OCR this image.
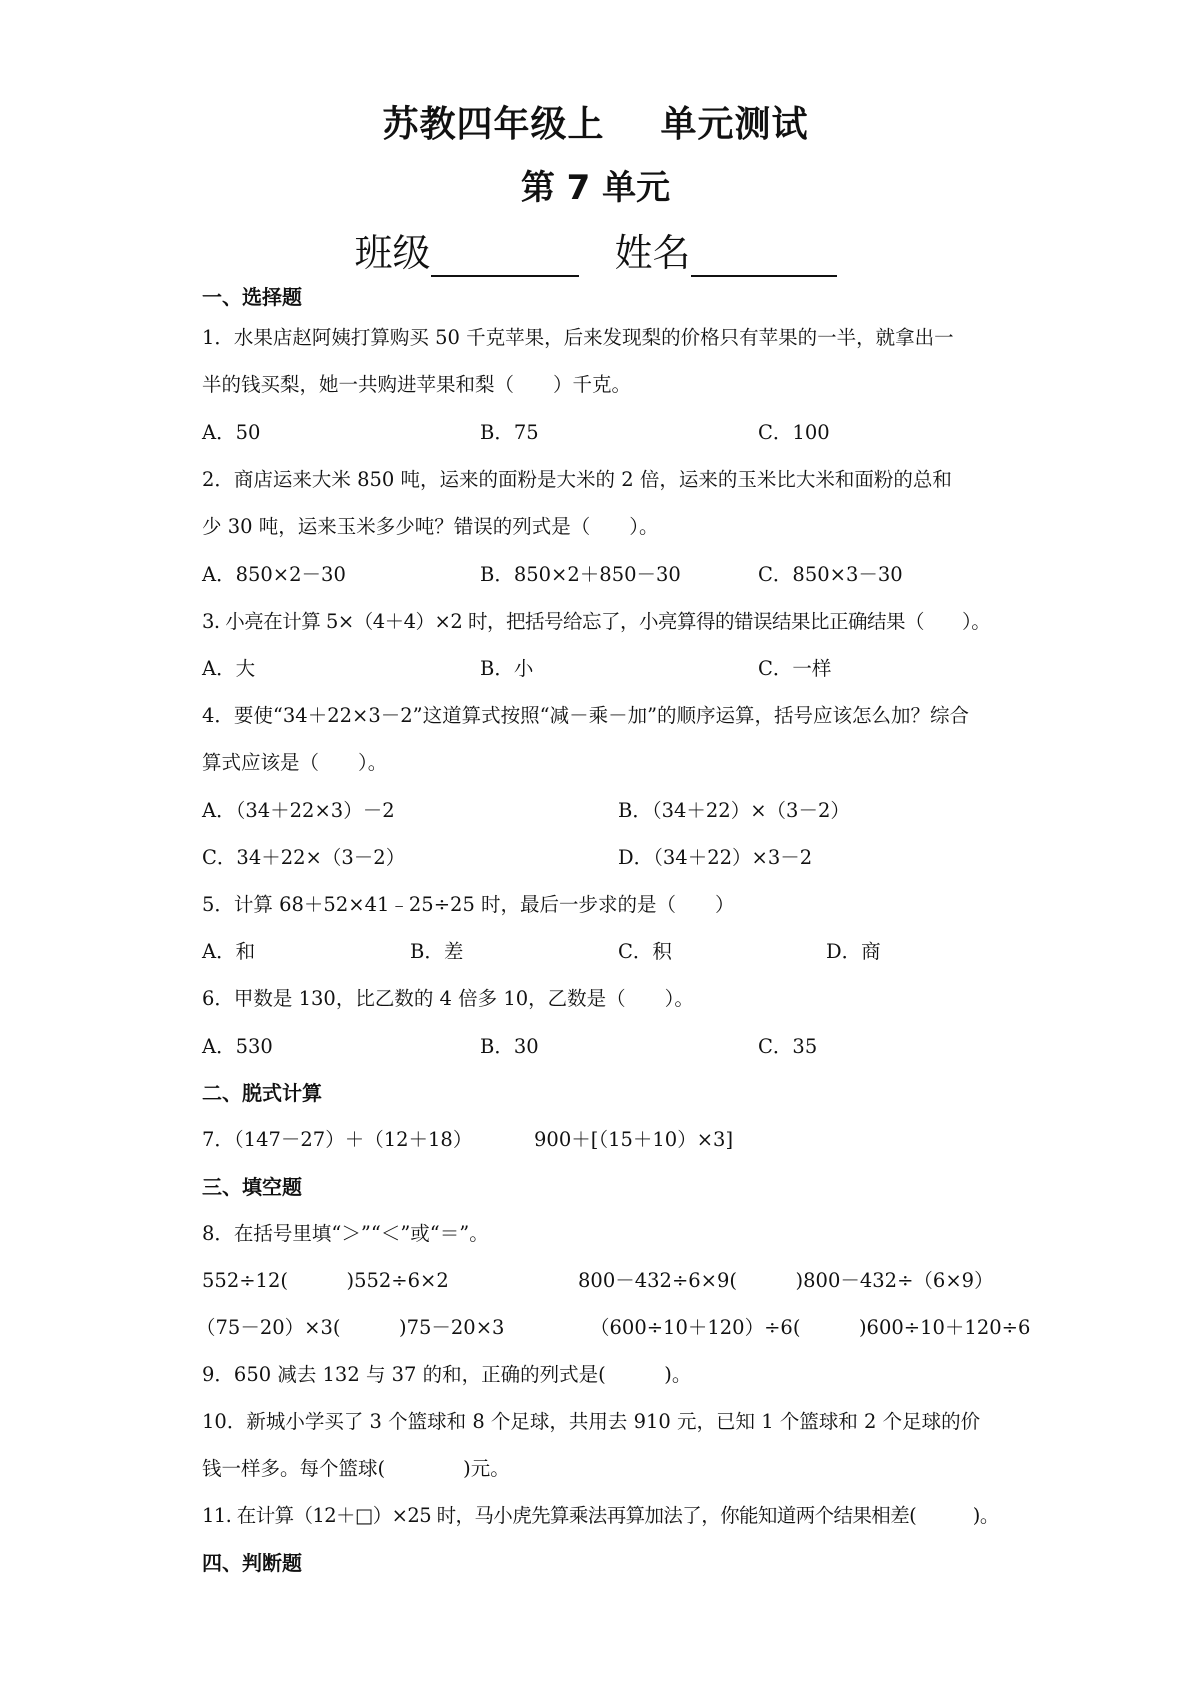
苏教四年级上 单元测试
第 7 单元
班级	姓名
一、选择题
1．水果店赵阿姨打算购买 50 千克苹果，后来发现梨的价格只有苹果的一半，就拿出一
半的钱买梨，她一共购进苹果和梨（　　）千克。
A．50	B．75	C．100
2．商店运来大米 850 吨，运来的面粉是大米的 2 倍，运来的玉米比大米和面粉的总和
少 30 吨，运来玉米多少吨？错误的列式是（　　）。
A．850×2－30	B．850×2＋850－30	C．850×3－30
3. 小亮在计算 5×（4＋4）×2 时，把括号给忘了，小亮算得的错误结果比正确结果（　　）。
A．大	B．小	C．一样
4．要使“34＋22×3－2”这道算式按照“减－乘－加”的顺序运算，括号应该怎么加？综合
算式应该是（　　）。
A．（34＋22×3）－2	B．（34＋22）×（3－2）
C．34＋22×（3－2）	D．（34＋22）×3－2
5．计算 68＋52×41﹣25÷25 时，最后一步求的是（　　）
A．和	B．差	C．积	D．商
6．甲数是 130，比乙数的 4 倍多 10，乙数是（　　）。
A．530	B．30	C．35
二、脱式计算
7．（147－27）＋（12＋18）	900＋[（15＋10）×3]
三、填空题
8．在括号里填“＞”“＜”或“＝”。
552÷12(　　　)552÷6×2	800－432÷6×9(　　　)800－432÷（6×9）
（75－20）×3(　　　)75－20×3	（600÷10＋120）÷6(　　　)600÷10＋120÷6
9．650 减去 132 与 37 的和，正确的列式是(　　　)。
10．新城小学买了 3 个篮球和 8 个足球，共用去 910 元，已知 1 个篮球和 2 个足球的价
钱一样多。每个篮球(　　　　)元。
11. 在计算（12＋□）×25 时，马小虎先算乘法再算加法了，你能知道两个结果相差(　　　)。
四、判断题
